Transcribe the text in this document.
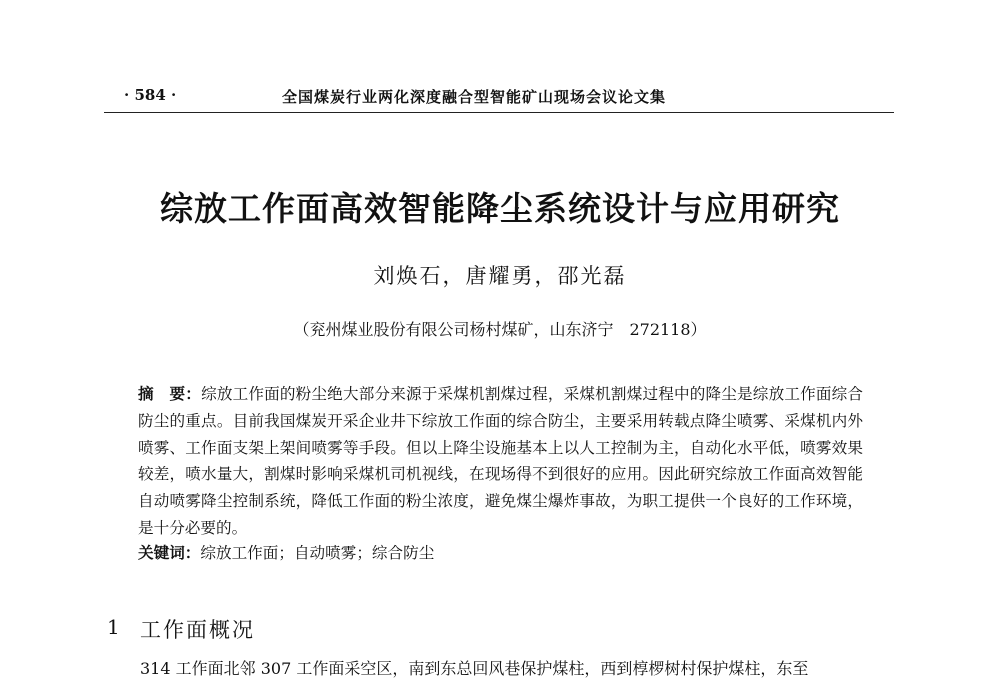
· 584 ·	全国煤炭行业两化深度融合型智能矿山现场会议论文集
综放工作面高效智能降尘系统设计与应用研究
刘焕石，唐耀勇，邵光磊
（兖州煤业股份有限公司杨村煤矿，山东济宁　272118）
摘　要：综放工作面的粉尘绝大部分来源于采煤机割煤过程，采煤机割煤过程中的降尘是综放工作面综合防尘的重点。目前我国煤炭开采企业井下综放工作面的综合防尘，主要采用转载点降尘喷雾、采煤机内外喷雾、工作面支架上架间喷雾等手段。但以上降尘设施基本上以人工控制为主，自动化水平低，喷雾效果较差，喷水量大，割煤时影响采煤机司机视线，在现场得不到很好的应用。因此研究综放工作面高效智能自动喷雾降尘控制系统，降低工作面的粉尘浓度，避免煤尘爆炸事故，为职工提供一个良好的工作环境，是十分必要的。
关键词：综放工作面；自动喷雾；综合防尘
1 工作面概况
314 工作面北邻 307 工作面采空区，南到东总回风巷保护煤柱，西到椁椤树村保护煤柱，东至
